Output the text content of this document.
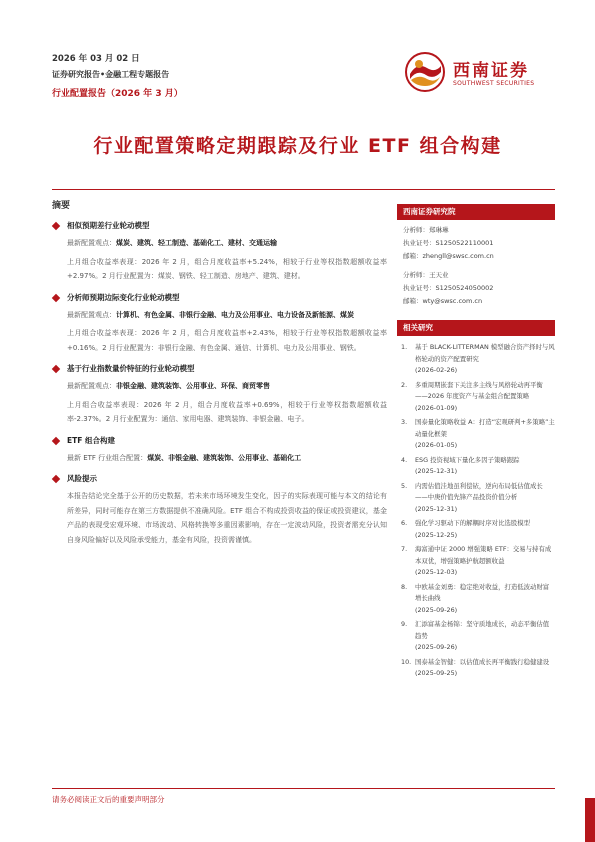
2026 年 03 月 02 日
证券研究报告•金融工程专题报告
行业配置报告（2026 年 3 月）
西南证券
SOUTHWEST SECURITIES
行业配置策略定期跟踪及行业 ETF 组合构建
摘要
相似预期差行业轮动模型
最新配置观点：煤炭、建筑、轻工制造、基础化工、建材、交通运输
上月组合收益率表现：2026 年 2 月，组合月度收益率+5.24%，相较于行业等权指数超额收益率+2.97%。2 月行业配置为：煤炭、钢铁、轻工制造、房地产、建筑、建材。
分析师预期边际变化行业轮动模型
最新配置观点：计算机、有色金属、非银行金融、电力及公用事业、电力设备及新能源、煤炭
上月组合收益率表现：2026 年 2 月，组合月度收益率+2.43%，相较于行业等权指数超额收益率+0.16%。2 月行业配置为：非银行金融、有色金属、通信、计算机、电力及公用事业、钢铁。
基于行业指数量价特征的行业轮动模型
最新配置观点：非银金融、建筑装饰、公用事业、环保、商贸零售
上月组合收益率表现：2026 年 2 月，组合月度收益率+0.69%，相较于行业等权指数超额收益率-2.37%。2 月行业配置为：通信、家用电器、建筑装饰、非银金融、电子。
ETF 组合构建
最新 ETF 行业组合配置：煤炭、非银金融、建筑装饰、公用事业、基础化工
风险提示
本报告结论完全基于公开的历史数据，若未来市场环境发生变化，因子的实际表现可能与本文的结论有所差异，同时可能存在第三方数据提供不准确风险。ETF 组合不构成投资收益的保证或投资建议，基金产品的表现受宏观环境、市场波动、风格转换等多重因素影响，存在一定波动风险，投资者需充分认知自身风险偏好以及风险承受能力，基金有风险，投资需谨慎。
西南证券研究院
分析师：郑琳琳
执业证号：S1250522110001
邮箱：zhengll@swsc.com.cn
分析师：王天业
执业证号：S1250524050002
邮箱：wty@swsc.com.cn
相关研究
1. 基于 BLACK-LITTERMAN 模型融合资产择时与风格轮动的资产配置研究
(2026-02-26)
2. 多重周期嵌套下关注多主线与风格轮动再平衡——2026 年度资产与基金组合配置策略
(2026-01-09)
3. 国泰量化策略收益 A：打造“宏观研判+多策略”主动量化框架
(2026-01-05)
4. ESG 投资视域下量化多因子策略跟踪
(2025-12-31)
5. 内需估值洼地虽利偿铱，逆向布局低估值成长——中庚价值先锋产品投资价值分析
(2025-12-31)
6. 强化学习驱动下的解耦时序对比选股模型
(2025-12-25)
7. 海富通中证 2000 增强策略 ETF：交易与持有成本双优，增强策略护航超额收益
(2025-12-03)
8. 中欧基金刘勇：稳定绝对收益，打造低波动财富增长曲线
(2025-09-26)
9. 汇添富基金杨锦：坚守质地成长，动态平衡估值趋势
(2025-09-26)
10. 国泰基金智健：以估值成长再平衡践行稳健建设
(2025-09-25)
请务必阅读正文后的重要声明部分
